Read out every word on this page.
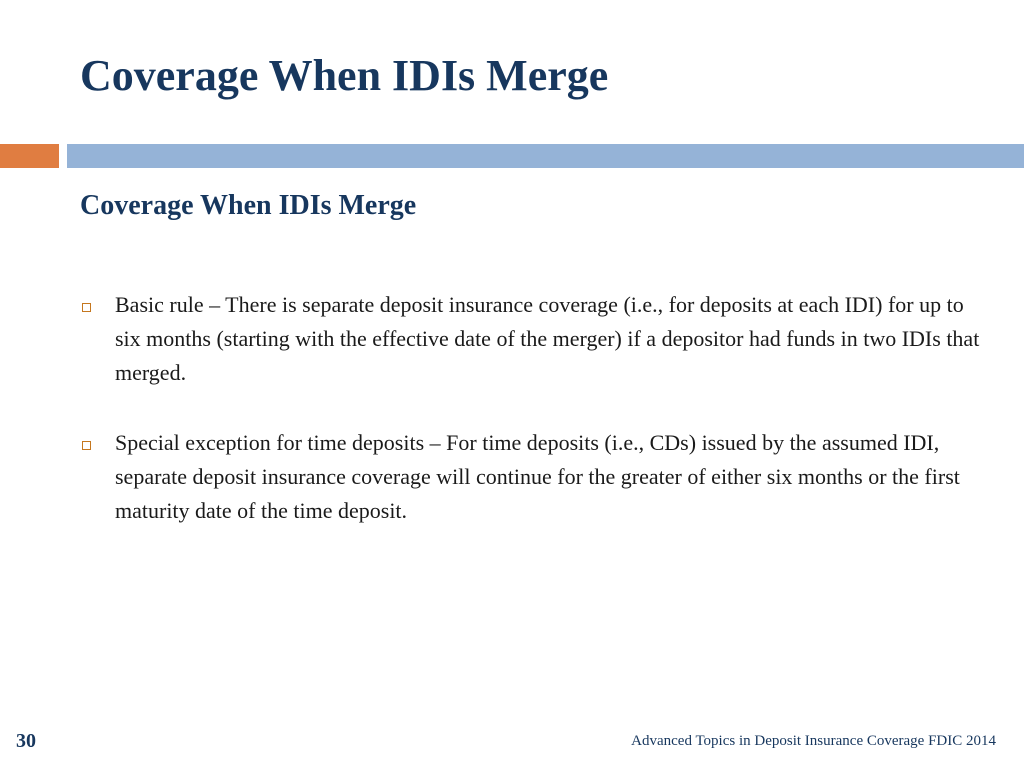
Coverage When IDIs Merge
Coverage When IDIs Merge
Basic rule – There is separate deposit insurance coverage (i.e., for deposits at each IDI) for up to six months (starting with the effective date of the merger) if a depositor had funds in two IDIs that merged.
Special exception for time deposits – For time deposits (i.e., CDs) issued by the assumed IDI, separate deposit insurance coverage will continue for the greater of either six months or the first maturity date of the time deposit.
30	Advanced Topics in Deposit Insurance Coverage FDIC 2014
